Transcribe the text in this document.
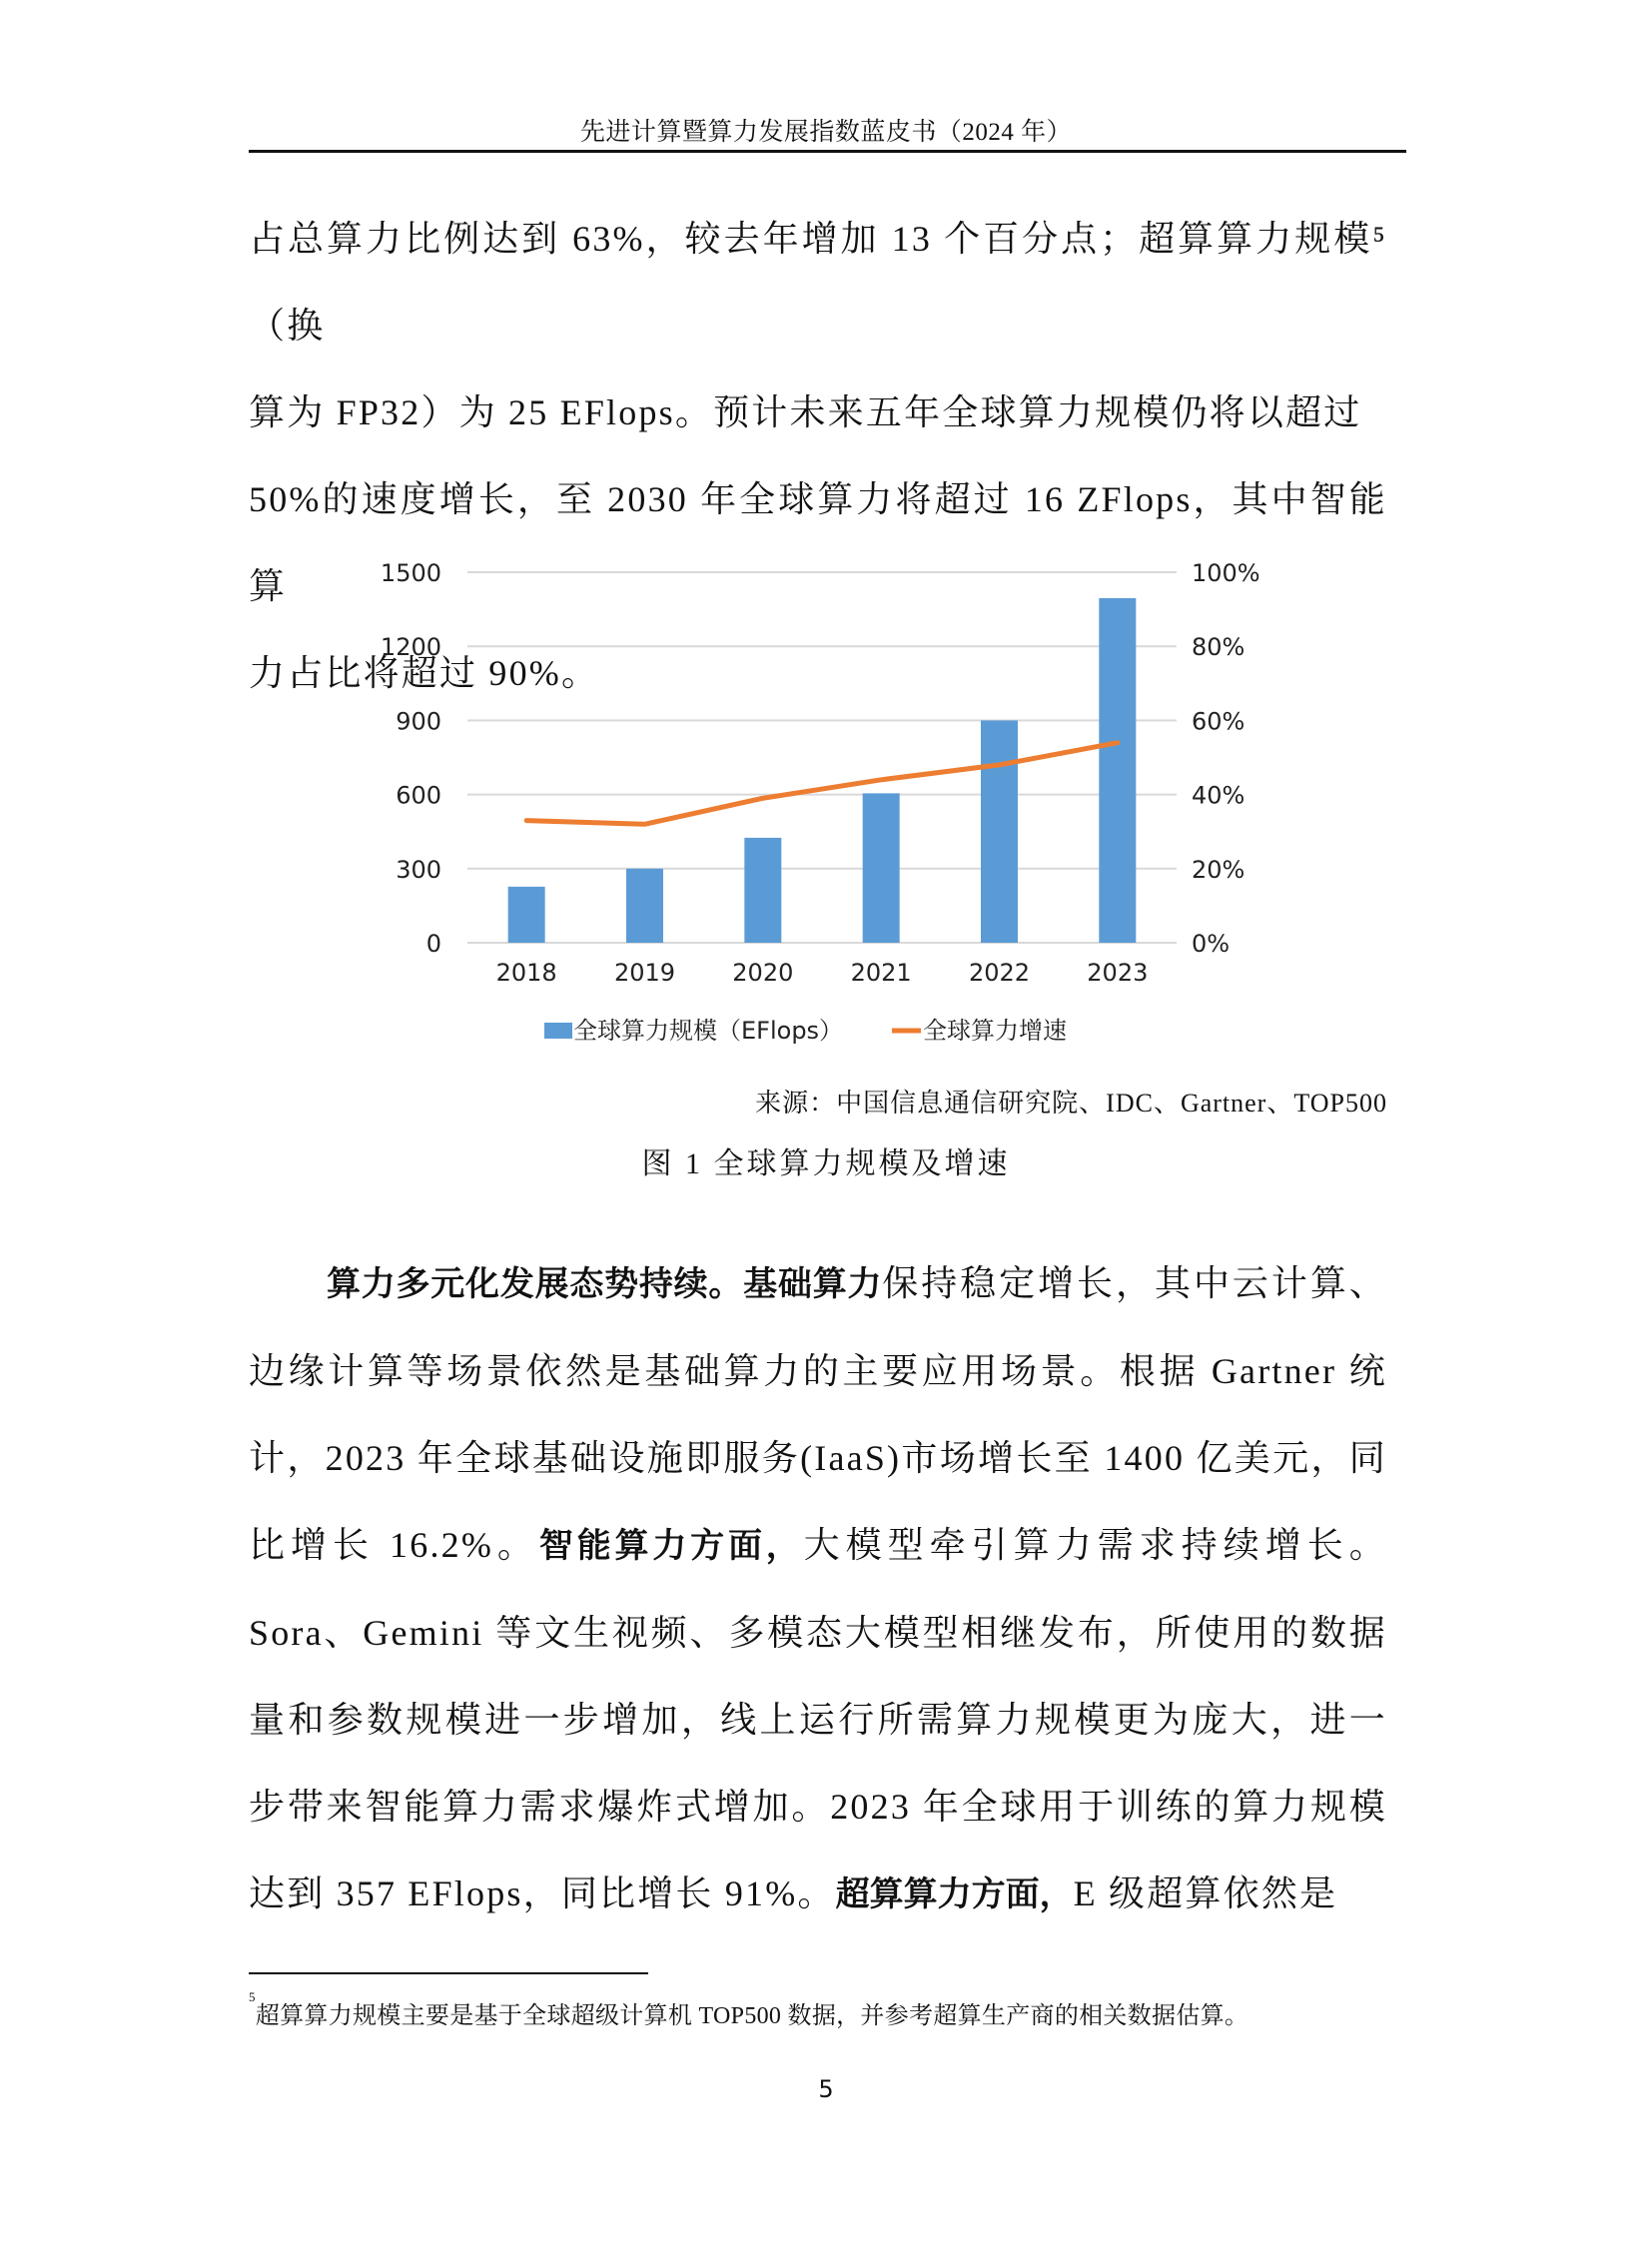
先进计算暨算力发展指数蓝皮书（2024 年）

占总算力比例达到 63%，较去年增加 13 个百分点；超算算力规模⁵（换

算为 FP32）为 25 EFlops。预计未来五年全球算力规模仍将以超过

50%的速度增长，至 2030 年全球算力将超过 16 ZFlops，其中智能算

力占比将超过 90%。

0
300
600
900
1200
1500
0%
20%
40%
60%
80%
100%
2018 2019 2020 2021 2022 2023
全球算力规模（EFlops）	全球算力增速
来源：中国信息通信研究院、IDC、Gartner、TOP500
图 1 全球算力规模及增速
算力多元化发展态势持续。基础算力保持稳定增长，其中云计算、边缘计算等场景依然是基础算力的主要应用场景。根据 Gartner 统计，2023 年全球基础设施即服务(IaaS)市场增长至 1400 亿美元，同比增长 16.2%。智能算力方面，大模型牵引算力需求持续增长。Sora、Gemini 等文生视频、多模态大模型相继发布，所使用的数据量和参数规模进一步增加，线上运行所需算力规模更为庞大，进一步带来智能算力需求爆炸式增加。2023 年全球用于训练的算力规模达到 357 EFlops，同比增长 91%。超算算力方面，E 级超算依然是
$^5$超算算力规模主要是基于全球超级计算机 TOP500 数据，并参考超算生产商的相关数据估算。
5
